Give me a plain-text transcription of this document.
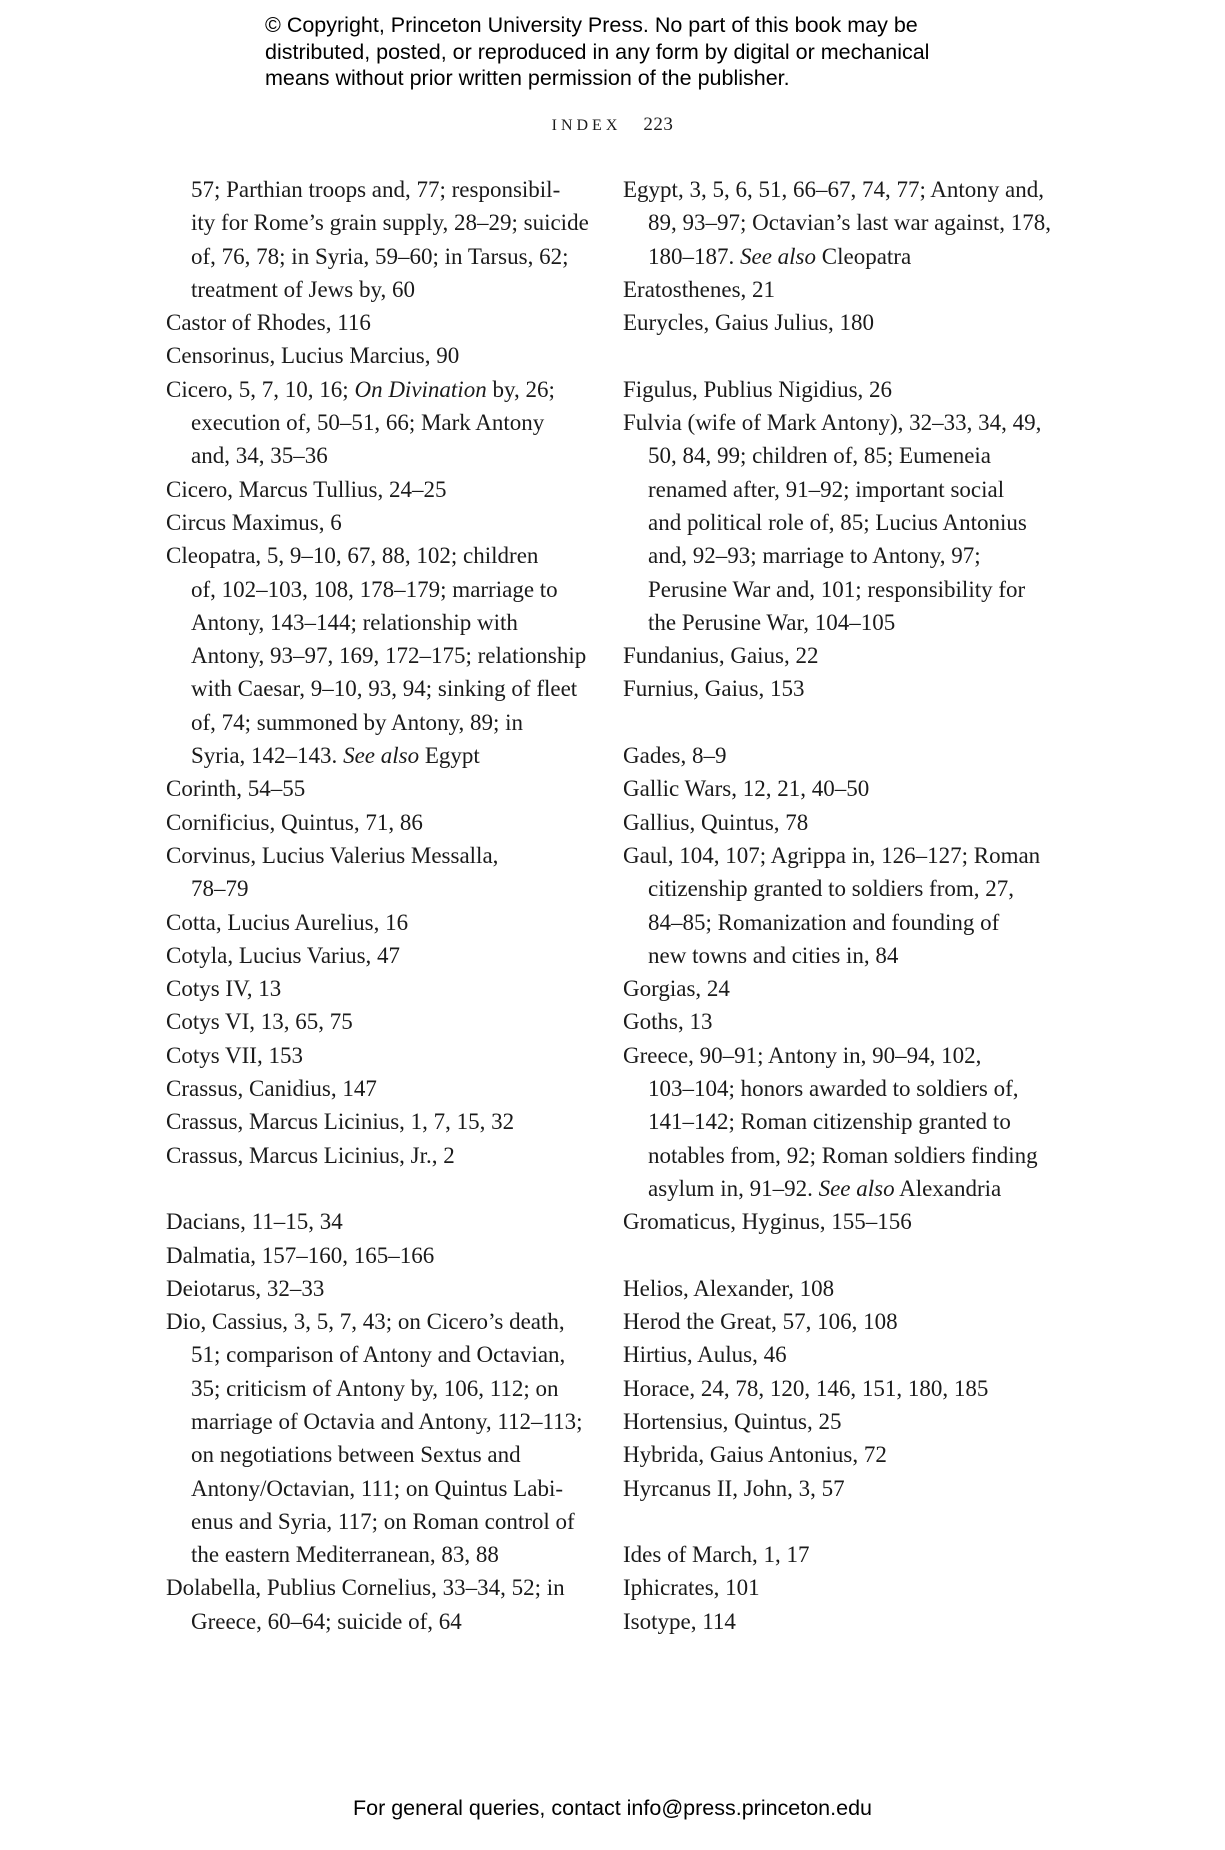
© Copyright, Princeton University Press. No part of this book may be
distributed, posted, or reproduced in any form by digital or mechanical
means without prior written permission of the publisher.
INDEX 223

57; Parthian troops and, 77; responsibil-
ity for Rome’s grain supply, 28–29; suicide
of, 76, 78; in Syria, 59–60; in Tarsus, 62;
treatment of Jews by, 60

Castor of Rhodes, 116

Censorinus, Lucius Marcius, 90

Cicero, 5, 7, 10, 16; On Divination by, 26;
execution of, 50–51, 66; Mark Antony
and, 34, 35–36

Cicero, Marcus Tullius, 24–25

Circus Maximus, 6

Cleopatra, 5, 9–10, 67, 88, 102; children
of, 102–103, 108, 178–179; marriage to
Antony, 143–144; relationship with
Antony, 93–97, 169, 172–175; relationship
with Caesar, 9–10, 93, 94; sinking of fleet
of, 74; summoned by Antony, 89; in
Syria, 142–143. See also Egypt

Corinth, 54–55

Cornificius, Quintus, 71, 86

Corvinus, Lucius Valerius Messalla,
78–79

Cotta, Lucius Aurelius, 16

Cotyla, Lucius Varius, 47

Cotys IV, 13

Cotys VI, 13, 65, 75

Cotys VII, 153

Crassus, Canidius, 147

Crassus, Marcus Licinius, 1, 7, 15, 32

Crassus, Marcus Licinius, Jr., 2

Dacians, 11–15, 34

Dalmatia, 157–160, 165–166

Deiotarus, 32–33

Dio, Cassius, 3, 5, 7, 43; on Cicero’s death,
51; comparison of Antony and Octavian,
35; criticism of Antony by, 106, 112; on
marriage of Octavia and Antony, 112–113;
on negotiations between Sextus and
Antony/Octavian, 111; on Quintus Labi-
enus and Syria, 117; on Roman control of
the eastern Mediterranean, 83, 88

Dolabella, Publius Cornelius, 33–34, 52; in
Greece, 60–64; suicide of, 64

Egypt, 3, 5, 6, 51, 66–67, 74, 77; Antony and,
89, 93–97; Octavian’s last war against, 178,
180–187. See also Cleopatra

Eratosthenes, 21

Eurycles, Gaius Julius, 180

Figulus, Publius Nigidius, 26

Fulvia (wife of Mark Antony), 32–33, 34, 49,
50, 84, 99; children of, 85; Eumeneia
renamed after, 91–92; important social
and political role of, 85; Lucius Antonius
and, 92–93; marriage to Antony, 97;
Perusine War and, 101; responsibility for
the Perusine War, 104–105

Fundanius, Gaius, 22

Furnius, Gaius, 153

Gades, 8–9

Gallic Wars, 12, 21, 40–50

Gallius, Quintus, 78

Gaul, 104, 107; Agrippa in, 126–127; Roman
citizenship granted to soldiers from, 27,
84–85; Romanization and founding of
new towns and cities in, 84

Gorgias, 24

Goths, 13

Greece, 90–91; Antony in, 90–94, 102,
103–104; honors awarded to soldiers of,
141–142; Roman citizenship granted to
notables from, 92; Roman soldiers finding
asylum in, 91–92. See also Alexandria

Gromaticus, Hyginus, 155–156

Helios, Alexander, 108

Herod the Great, 57, 106, 108

Hirtius, Aulus, 46

Horace, 24, 78, 120, 146, 151, 180, 185

Hortensius, Quintus, 25

Hybrida, Gaius Antonius, 72

Hyrcanus II, John, 3, 57

Ides of March, 1, 17

Iphicrates, 101

Isotype, 114

For general queries, contact info@press.princeton.edu
